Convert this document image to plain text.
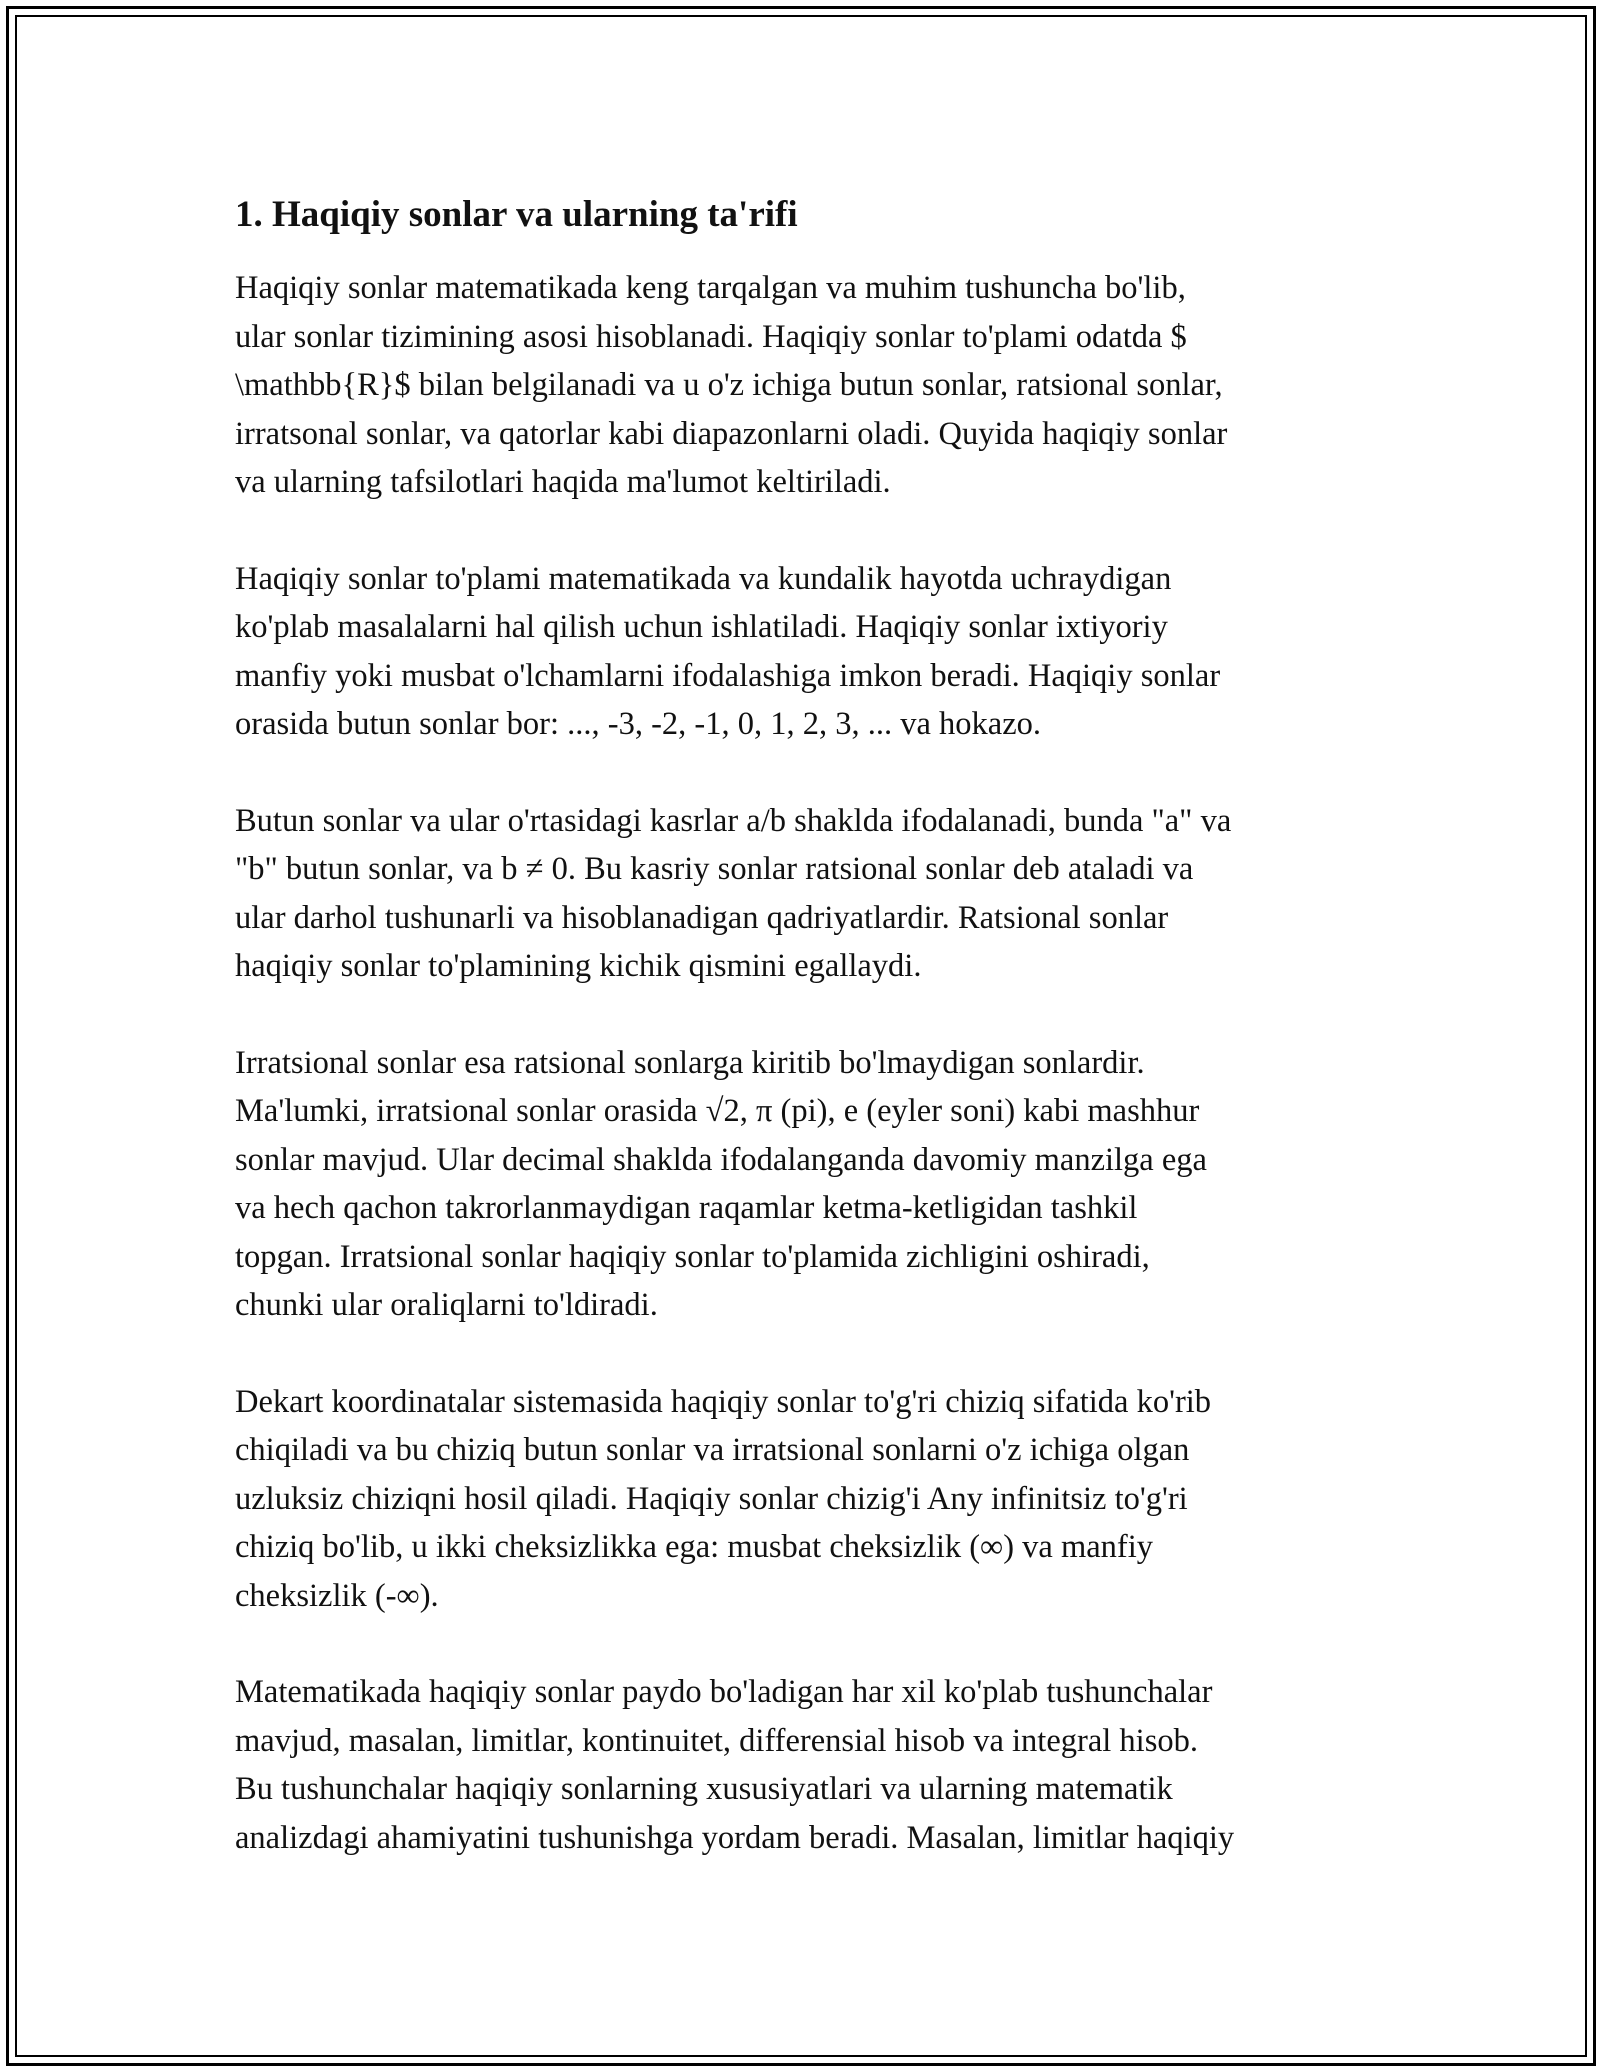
1. Haqiqiy sonlar va ularning ta'rifi
Haqiqiy sonlar matematikada keng tarqalgan va muhim tushuncha bo'lib,
ular sonlar tizimining asosi hisoblanadi. Haqiqiy sonlar to'plami odatda $
\mathbb{R}$ bilan belgilanadi va u o'z ichiga butun sonlar, ratsional sonlar,
irratsonal sonlar, va qatorlar kabi diapazonlarni oladi. Quyida haqiqiy sonlar
va ularning tafsilotlari haqida ma'lumot keltiriladi.
Haqiqiy sonlar to'plami matematikada va kundalik hayotda uchraydigan
ko'plab masalalarni hal qilish uchun ishlatiladi. Haqiqiy sonlar ixtiyoriy
manfiy yoki musbat o'lchamlarni ifodalashiga imkon beradi. Haqiqiy sonlar
orasida butun sonlar bor: ..., -3, -2, -1, 0, 1, 2, 3, ... va hokazo.
Butun sonlar va ular o'rtasidagi kasrlar a/b shakldа ifodalanadi, bunda "a" va
"b" butun sonlar, va b ≠ 0. Bu kasriy sonlar ratsional sonlar deb ataladi va
ular darhol tushunarli va hisoblanadigan qadriyatlardir. Ratsional sonlar
haqiqiy sonlar to'plamining kichik qismini egallaydi.
Irratsional sonlar esa ratsional sonlarga kiritib bo'lmaydigan sonlardir.
Ma'lumki, irratsional sonlar orasida √2, π (pi), e (eyler soni) kabi mashhur
sonlar mavjud. Ular decimal shakldа ifodalanganda davomiy manzilga ega
va hech qachon takrorlanmaydigan raqamlar ketma-ketligidan tashkil
topgan. Irratsional sonlar haqiqiy sonlar to'plamida zichligini oshiradi,
chunki ular oraliqlarni to'ldiradi.
Dekart koordinatalar sistemasida haqiqiy sonlar to'g'ri chiziq sifatida ko'rib
chiqiladi va bu chiziq butun sonlar va irratsional sonlarni o'z ichiga olgan
uzluksiz chiziqni hosil qiladi. Haqiqiy sonlar chizig'i Any infinitsiz to'g'ri
chiziq bo'lib, u ikki cheksizlikka ega: musbat cheksizlik (∞) va manfiy
cheksizlik (-∞).
Matematikada haqiqiy sonlar paydo bo'ladigan har xil ko'plab tushunchalar
mavjud, masalan, limitlar, kontinuitet, differensial hisob va integral hisob.
Bu tushunchalar haqiqiy sonlarning xususiyatlari va ularning matematik
analizdagi ahamiyatini tushunishga yordam beradi. Masalan, limitlar haqiqiy
